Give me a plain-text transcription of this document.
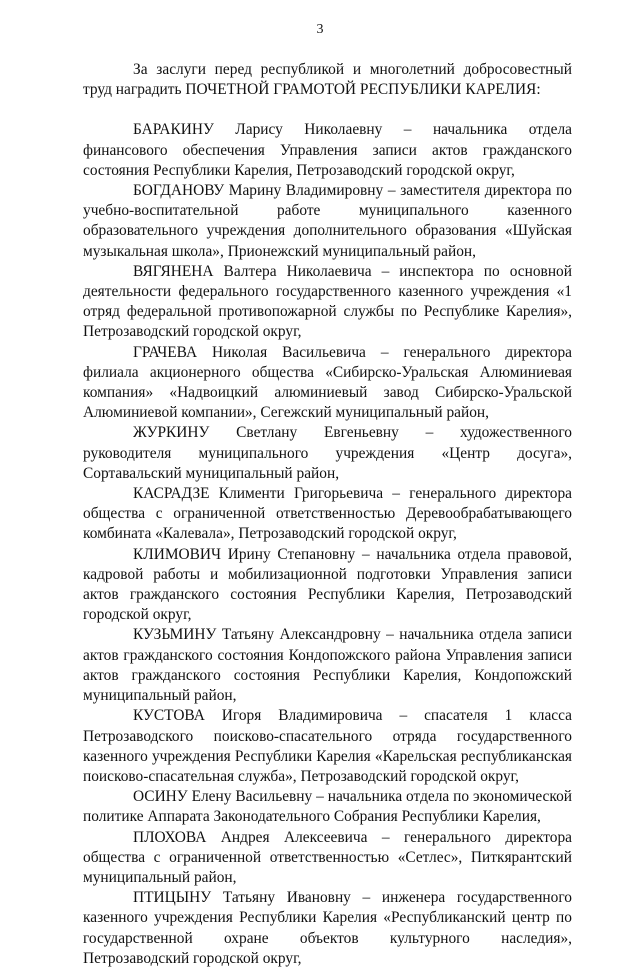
3

За заслуги перед республикой и многолетний добросовестный труд наградить ПОЧЕТНОЙ ГРАМОТОЙ РЕСПУБЛИКИ КАРЕЛИЯ:

БАРАКИНУ Ларису Николаевну – начальника отдела финансового обеспечения Управления записи актов гражданского состояния Республики Карелия, Петрозаводский городской округ,

БОГДАНОВУ Марину Владимировну – заместителя директора по учебно-воспитательной работе муниципального казенного образовательного учреждения дополнительного образования «Шуйская музыкальная школа», Прионежский муниципальный район,

ВЯГЯНЕНА Валтера Николаевича – инспектора по основной деятельности федерального государственного казенного учреждения «1 отряд федеральной противопожарной службы по Республике Карелия», Петрозаводский городской округ,

ГРАЧЕВА Николая Васильевича – генерального директора филиала акционерного общества «Сибирско-Уральская Алюминиевая компания» «Надвоицкий алюминиевый завод Сибирско-Уральской Алюминиевой компании», Сегежский муниципальный район,

ЖУРКИНУ Светлану Евгеньевну – художественного руководителя муниципального учреждения «Центр досуга», Сортавальский муниципальный район,

КАСРАДЗЕ Клименти Григорьевича – генерального директора общества с ограниченной ответственностью Деревообрабатывающего комбината «Калевала», Петрозаводский городской округ,

КЛИМОВИЧ Ирину Степановну – начальника отдела правовой, кадровой работы и мобилизационной подготовки Управления записи актов гражданского состояния Республики Карелия, Петрозаводский городской округ,

КУЗЬМИНУ Татьяну Александровну – начальника отдела записи актов гражданского состояния Кондопожского района Управления записи актов гражданского состояния Республики Карелия, Кондопожский муниципальный район,

КУСТОВА Игоря Владимировича – спасателя 1 класса Петрозаводского поисково-спасательного отряда государственного казенного учреждения Республики Карелия «Карельская республиканская поисково-спасательная служба», Петрозаводский городской округ,

ОСИНУ Елену Васильевну – начальника отдела по экономической политике Аппарата Законодательного Собрания Республики Карелия,

ПЛОХОВА Андрея Алексеевича – генерального директора общества с ограниченной ответственностью «Сетлес», Питкярантский муниципальный район,

ПТИЦЫНУ Татьяну Ивановну – инженера государственного казенного учреждения Республики Карелия «Республиканский центр по государственной охране объектов культурного наследия», Петрозаводский городской округ,
